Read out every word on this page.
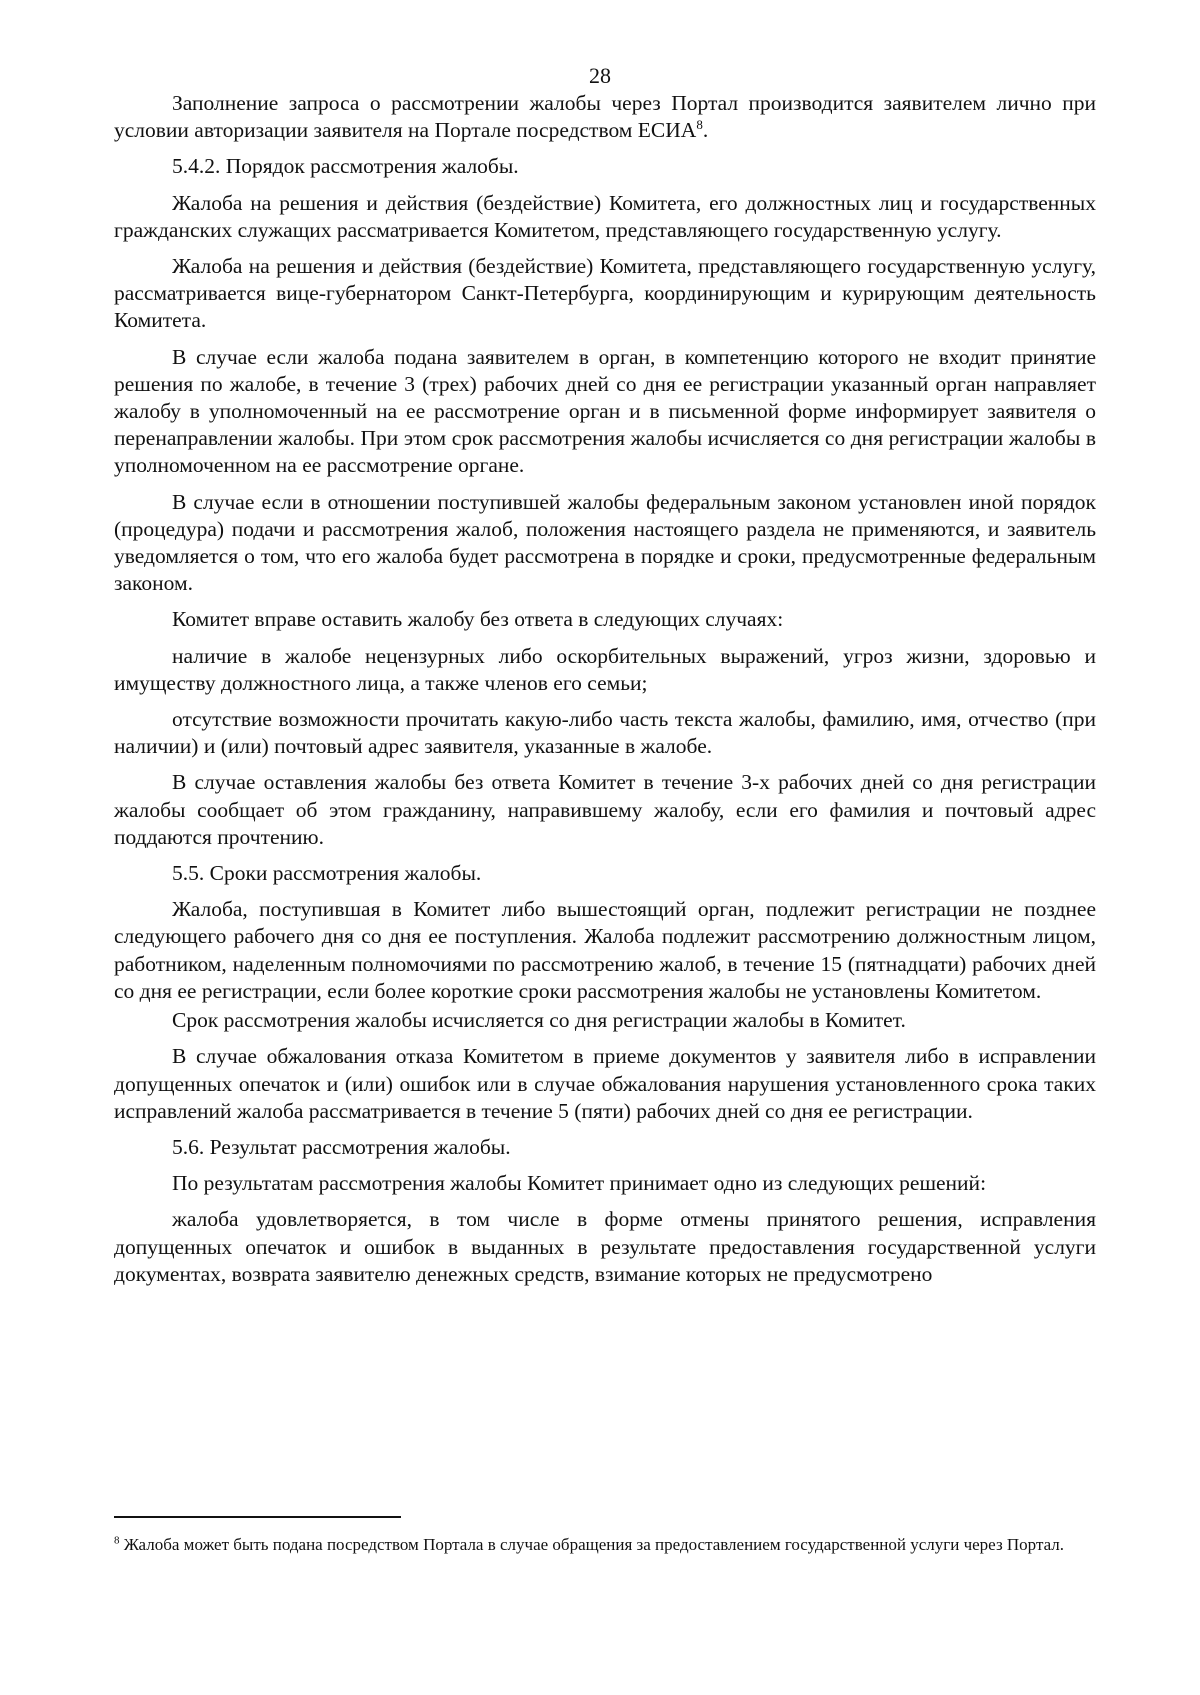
28

Заполнение запроса о рассмотрении жалобы через Портал производится заявителем лично при условии авторизации заявителя на Портале посредством ЕСИА$^8$.

5.4.2. Порядок рассмотрения жалобы.

Жалоба на решения и действия (бездействие) Комитета, его должностных лиц и государственных гражданских служащих рассматривается Комитетом, представляющего государственную услугу.

Жалоба на решения и действия (бездействие) Комитета, представляющего государственную услугу, рассматривается вице-губернатором Санкт-Петербурга, координирующим и курирующим деятельность Комитета.

В случае если жалоба подана заявителем в орган, в компетенцию которого не входит принятие решения по жалобе, в течение 3 (трех) рабочих дней со дня ее регистрации указанный орган направляет жалобу в уполномоченный на ее рассмотрение орган и в письменной форме информирует заявителя о перенаправлении жалобы. При этом срок рассмотрения жалобы исчисляется со дня регистрации жалобы в уполномоченном на ее рассмотрение органе.

В случае если в отношении поступившей жалобы федеральным законом установлен иной порядок (процедура) подачи и рассмотрения жалоб, положения настоящего раздела не применяются, и заявитель уведомляется о том, что его жалоба будет рассмотрена в порядке и сроки, предусмотренные федеральным законом.

Комитет вправе оставить жалобу без ответа в следующих случаях:

наличие в жалобе нецензурных либо оскорбительных выражений, угроз жизни, здоровью и имуществу должностного лица, а также членов его семьи;

отсутствие возможности прочитать какую-либо часть текста жалобы, фамилию, имя, отчество (при наличии) и (или) почтовый адрес заявителя, указанные в жалобе.

В случае оставления жалобы без ответа Комитет в течение 3-х рабочих дней со дня регистрации жалобы сообщает об этом гражданину, направившему жалобу, если его фамилия и почтовый адрес поддаются прочтению.

5.5. Сроки рассмотрения жалобы.

Жалоба, поступившая в Комитет либо вышестоящий орган, подлежит регистрации не позднее следующего рабочего дня со дня ее поступления. Жалоба подлежит рассмотрению должностным лицом, работником, наделенным полномочиями по рассмотрению жалоб, в течение 15 (пятнадцати) рабочих дней со дня ее регистрации, если более короткие сроки рассмотрения жалобы не установлены Комитетом.

Срок рассмотрения жалобы исчисляется со дня регистрации жалобы в Комитет.

В случае обжалования отказа Комитетом в приеме документов у заявителя либо в исправлении допущенных опечаток и (или) ошибок или в случае обжалования нарушения установленного срока таких исправлений жалоба рассматривается в течение 5 (пяти) рабочих дней со дня ее регистрации.

5.6. Результат рассмотрения жалобы.

По результатам рассмотрения жалобы Комитет принимает одно из следующих решений:

жалоба удовлетворяется, в том числе в форме отмены принятого решения, исправления допущенных опечаток и ошибок в выданных в результате предоставления государственной услуги документах, возврата заявителю денежных средств, взимание которых не предусмотрено

$^8$ Жалоба может быть подана посредством Портала в случае обращения за предоставлением государственной услуги через Портал.
